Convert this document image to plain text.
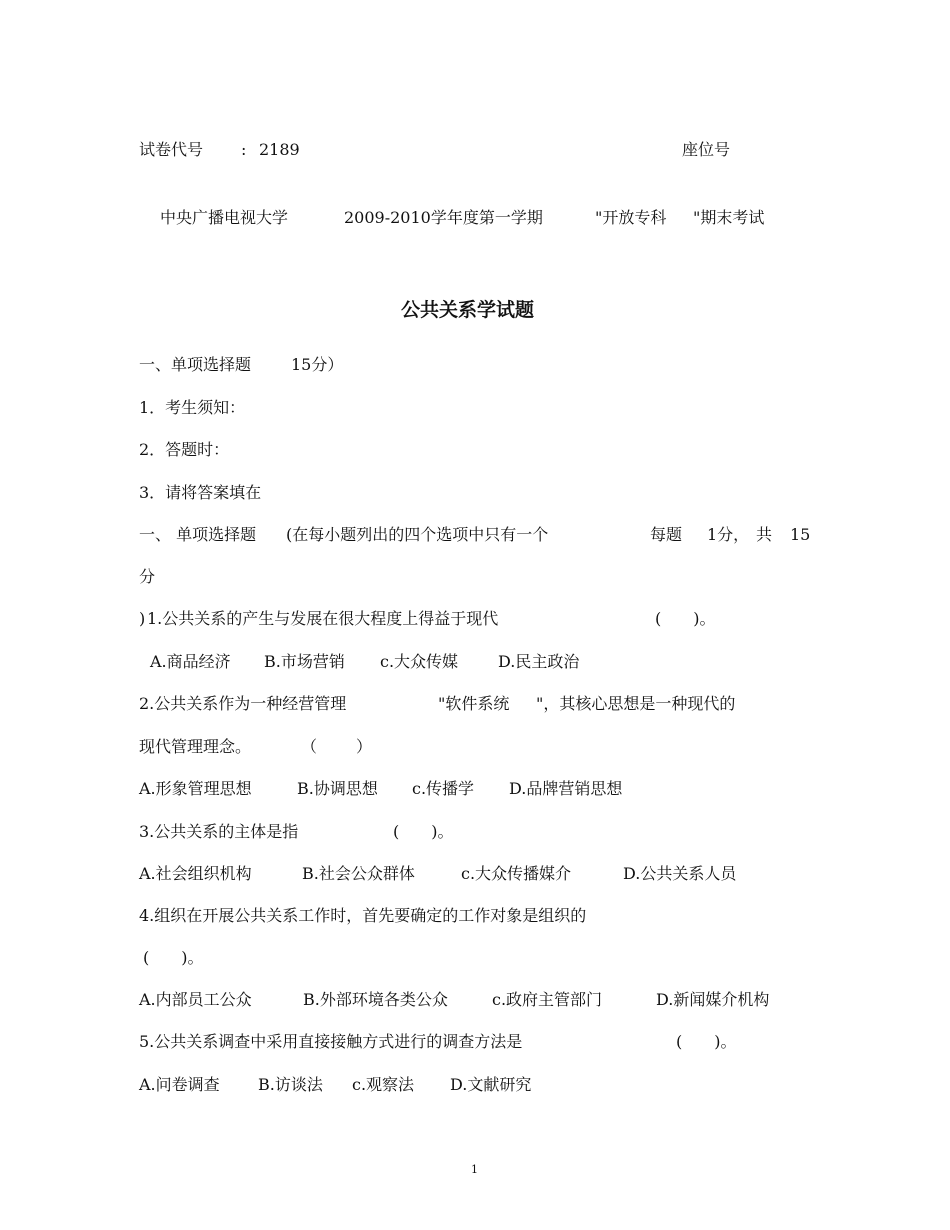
试卷代号 : 2189	座位号
中央广播电视大学	2009-2010学年度第一学期	"开放专科 "期末考试
公共关系学试题
一、单项选择题 15分）
1．考生须知：
2．答题时：
3．请将答案填在
一、 单项选择题 (在每小题列出的四个选项中只有一个	每题 1分， 共 15
分
) 1.公共关系的产生与发展在很大程度上得益于现代	(　　)。
A.商品经济 B.市场营销 c.大众传媒 D.民主政治
2.公共关系作为一种经营管理	"软件系统 "，其核心思想是一种现代的
现代管理理念。	（ ）
A.形象管理思想	B.协调思想 c.传播学 D.品牌营销思想
3.公共关系的主体是指	(　　)。
A.社会组织机构	B.社会公众群体	c.大众传播媒介	D.公共关系人员
4.组织在开展公共关系工作时，首先要确定的工作对象是组织的
(　　)。
A.内部员工公众	B.外部环境各类公众	c.政府主管部门	D.新闻媒介机构
5.公共关系调查中采用直接接触方式进行的调查方法是	(　　)。
A.问卷调查 B.访谈法 c.观察法 D.文献研究
1
